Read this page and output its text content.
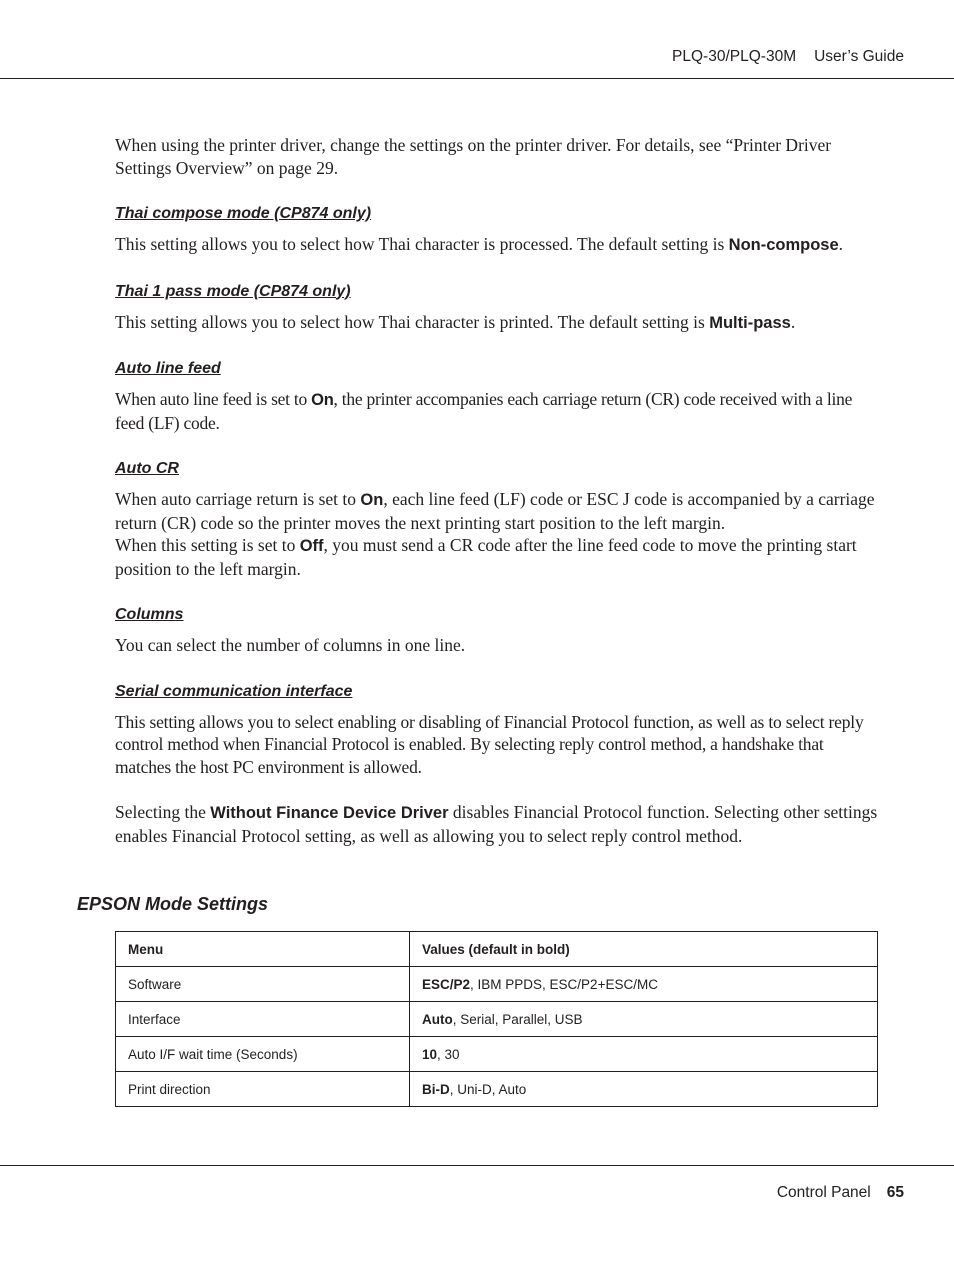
PLQ-30/PLQ-30M User’s Guide

When using the printer driver, change the settings on the printer driver. For details, see “Printer Driver Settings Overview” on page 29.

Thai compose mode (CP874 only)

This setting allows you to select how Thai character is processed. The default setting is Non-compose.

Thai 1 pass mode (CP874 only)

This setting allows you to select how Thai character is printed. The default setting is Multi-pass.

Auto line feed

When auto line feed is set to On, the printer accompanies each carriage return (CR) code received with a line feed (LF) code.

Auto CR

When auto carriage return is set to On, each line feed (LF) code or ESC J code is accompanied by a carriage return (CR) code so the printer moves the next printing start position to the left margin.

When this setting is set to Off, you must send a CR code after the line feed code to move the printing start position to the left margin.

Columns

You can select the number of columns in one line.

Serial communication interface

This setting allows you to select enabling or disabling of Financial Protocol function, as well as to select reply control method when Financial Protocol is enabled. By selecting reply control method, a handshake that matches the host PC environment is allowed.

Selecting the Without Finance Device Driver disables Financial Protocol function. Selecting other settings enables Financial Protocol setting, as well as allowing you to select reply control method.

EPSON Mode Settings
Menu	Values (default in bold)
Software	ESC/P2, IBM PPDS, ESC/P2+ESC/MC
Interface	Auto, Serial, Parallel, USB
Auto I/F wait time (Seconds)	10, 30
Print direction	Bi-D, Uni-D, Auto
Control Panel 65
